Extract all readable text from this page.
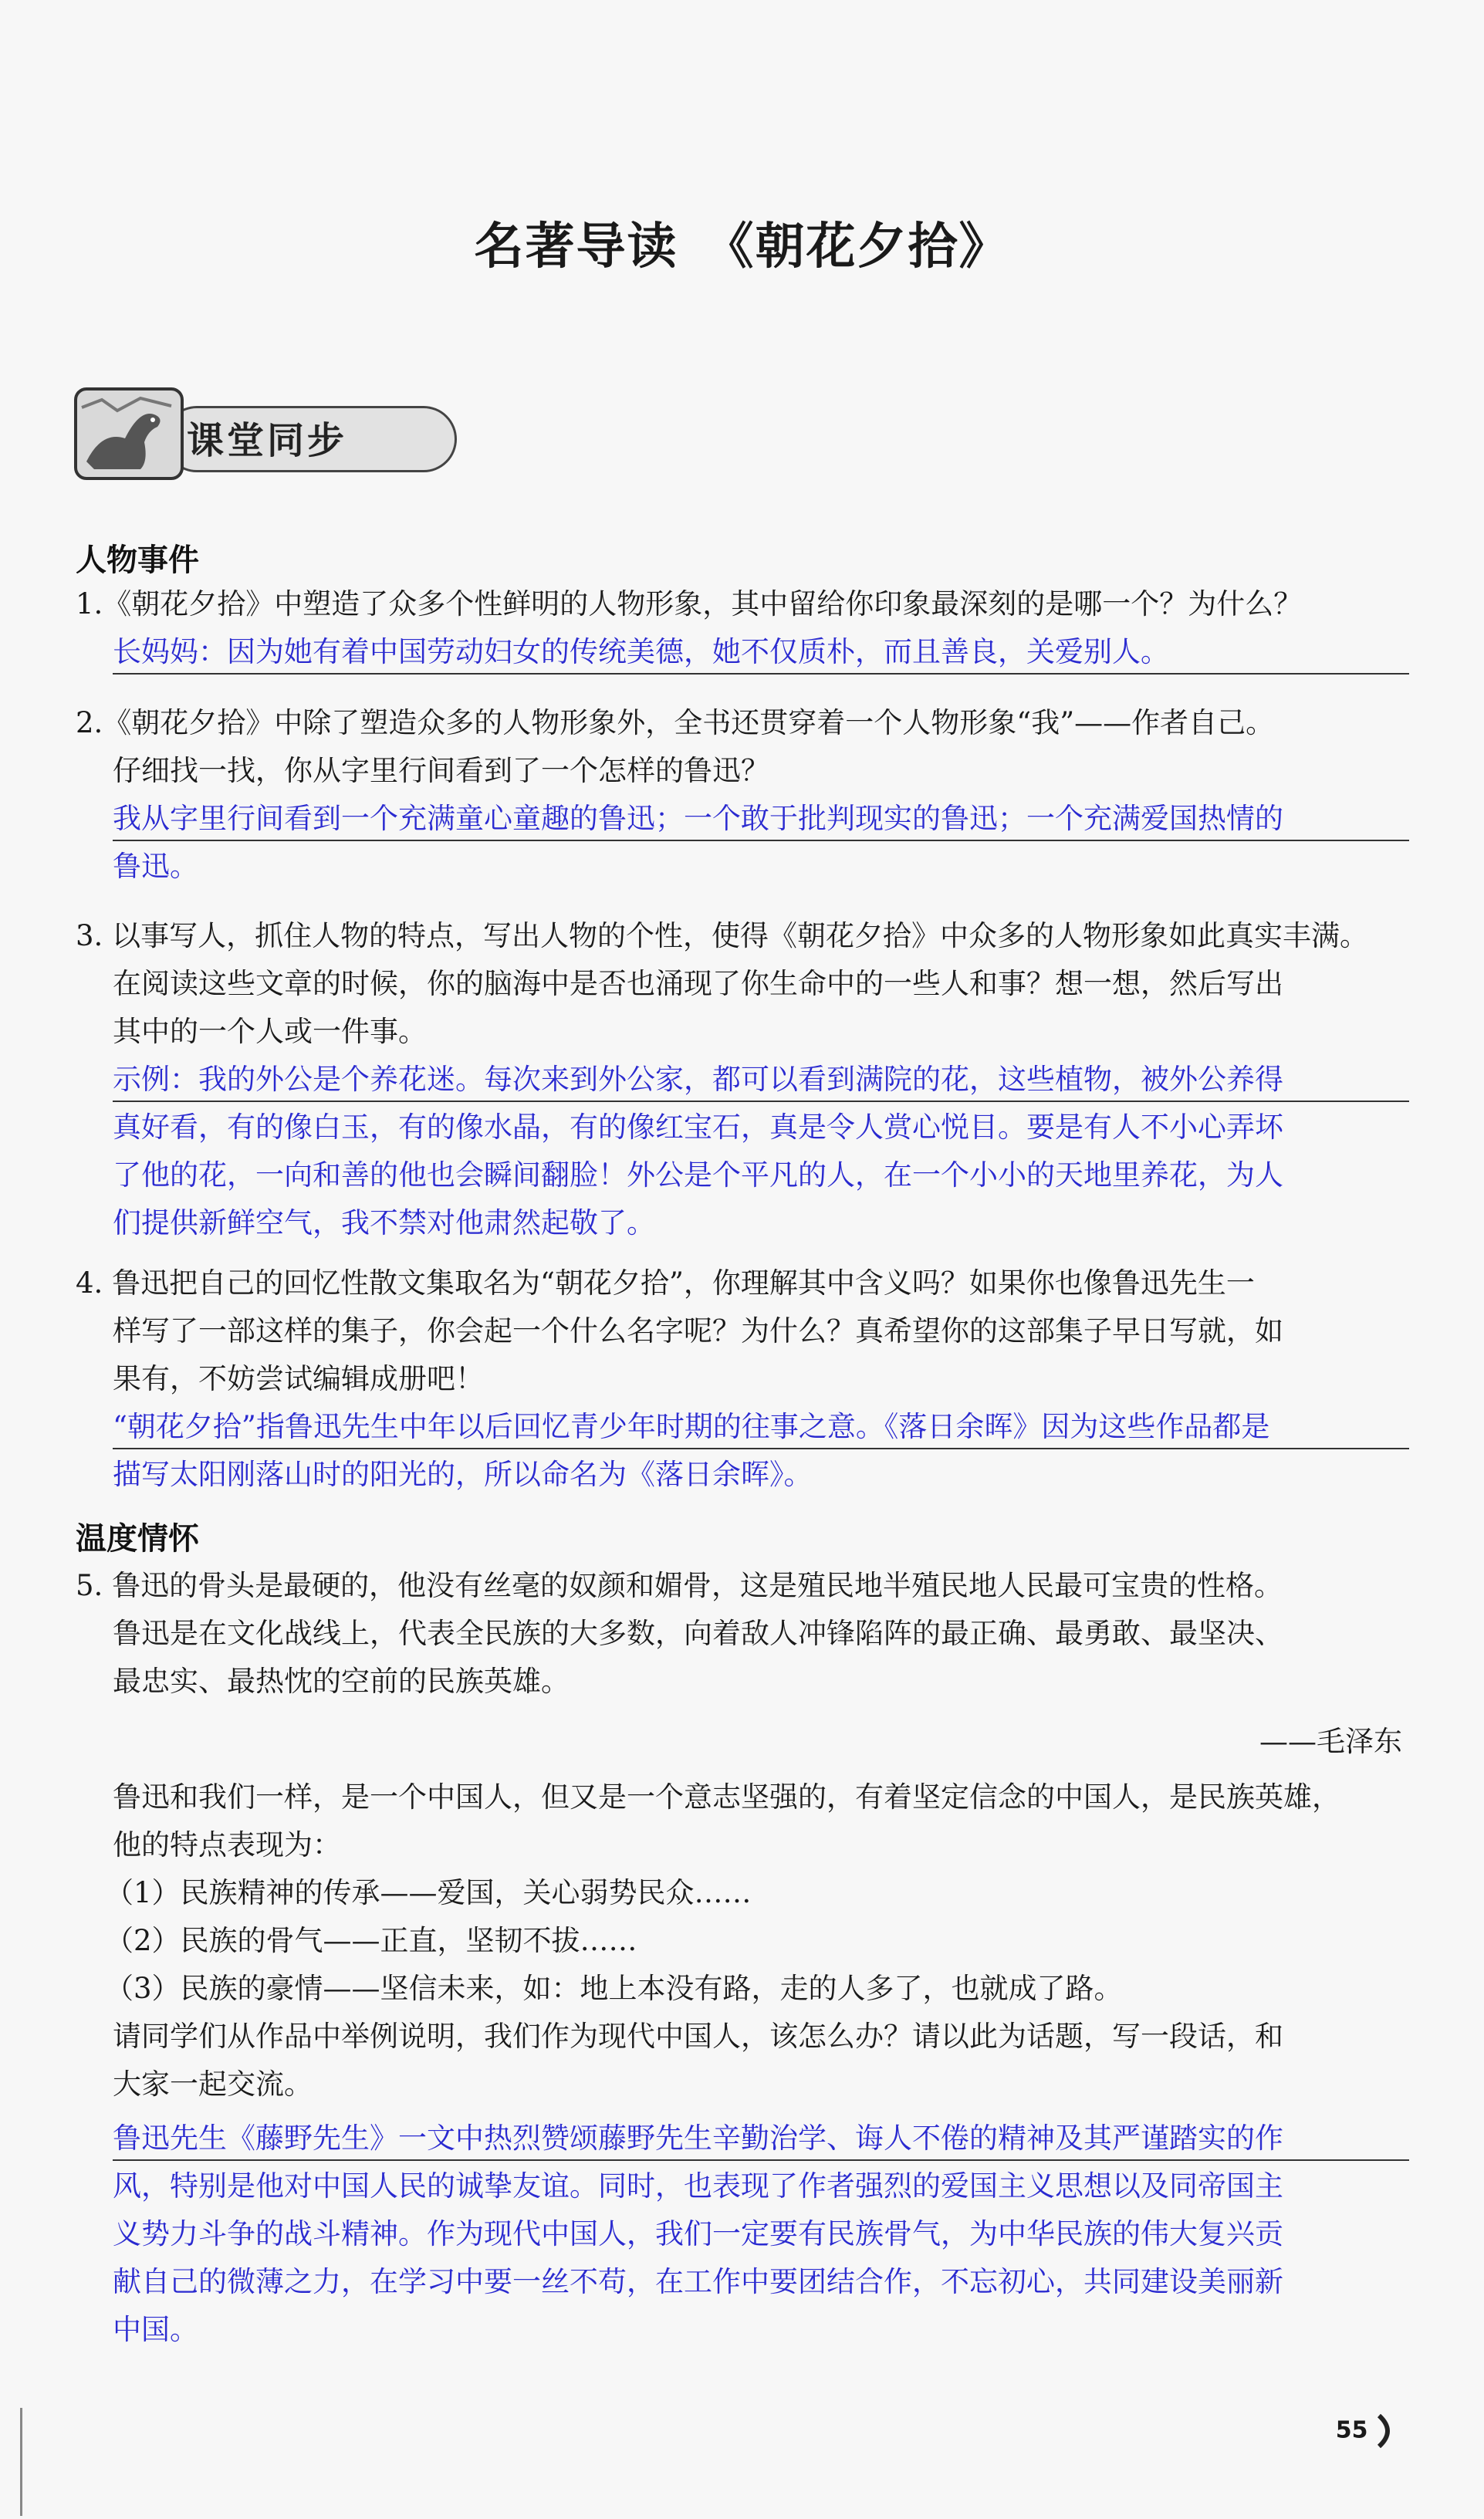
名著导读　《朝花夕拾》
课堂同步
人物事件
1.《朝花夕拾》中塑造了众多个性鲜明的人物形象，其中留给你印象最深刻的是哪一个？为什么？
长妈妈：因为她有着中国劳动妇女的传统美德，她不仅质朴，而且善良，关爱别人。
2.《朝花夕拾》中除了塑造众多的人物形象外，全书还贯穿着一个人物形象“我”——作者自己。
仔细找一找，你从字里行间看到了一个怎样的鲁迅？
我从字里行间看到一个充满童心童趣的鲁迅；一个敢于批判现实的鲁迅；一个充满爱国热情的
鲁迅。
3. 以事写人，抓住人物的特点，写出人物的个性，使得《朝花夕拾》中众多的人物形象如此真实丰满。
在阅读这些文章的时候，你的脑海中是否也涌现了你生命中的一些人和事？想一想，然后写出
其中的一个人或一件事。
示例：我的外公是个养花迷。每次来到外公家，都可以看到满院的花，这些植物，被外公养得
真好看，有的像白玉，有的像水晶，有的像红宝石，真是令人赏心悦目。要是有人不小心弄坏
了他的花，一向和善的他也会瞬间翻脸！外公是个平凡的人，在一个小小的天地里养花，为人
们提供新鲜空气，我不禁对他肃然起敬了。
4. 鲁迅把自己的回忆性散文集取名为“朝花夕拾”，你理解其中含义吗？如果你也像鲁迅先生一
样写了一部这样的集子，你会起一个什么名字呢？为什么？真希望你的这部集子早日写就，如
果有，不妨尝试编辑成册吧！
“朝花夕拾”指鲁迅先生中年以后回忆青少年时期的往事之意。《落日余晖》因为这些作品都是
描写太阳刚落山时的阳光的，所以命名为《落日余晖》。
温度情怀
5. 鲁迅的骨头是最硬的，他没有丝毫的奴颜和媚骨，这是殖民地半殖民地人民最可宝贵的性格。
鲁迅是在文化战线上，代表全民族的大多数，向着敌人冲锋陷阵的最正确、最勇敢、最坚决、
最忠实、最热忱的空前的民族英雄。
——毛泽东
鲁迅和我们一样，是一个中国人，但又是一个意志坚强的，有着坚定信念的中国人，是民族英雄，
他的特点表现为：
（1）民族精神的传承——爱国，关心弱势民众……
（2）民族的骨气——正直，坚韧不拔……
（3）民族的豪情——坚信未来，如：地上本没有路，走的人多了，也就成了路。
请同学们从作品中举例说明，我们作为现代中国人，该怎么办？请以此为话题，写一段话，和
大家一起交流。
鲁迅先生《藤野先生》一文中热烈赞颂藤野先生辛勤治学、诲人不倦的精神及其严谨踏实的作
风，特别是他对中国人民的诚挚友谊。同时，也表现了作者强烈的爱国主义思想以及同帝国主
义势力斗争的战斗精神。作为现代中国人，我们一定要有民族骨气，为中华民族的伟大复兴贡
献自己的微薄之力，在学习中要一丝不苟，在工作中要团结合作，不忘初心，共同建设美丽新
中国。
55
